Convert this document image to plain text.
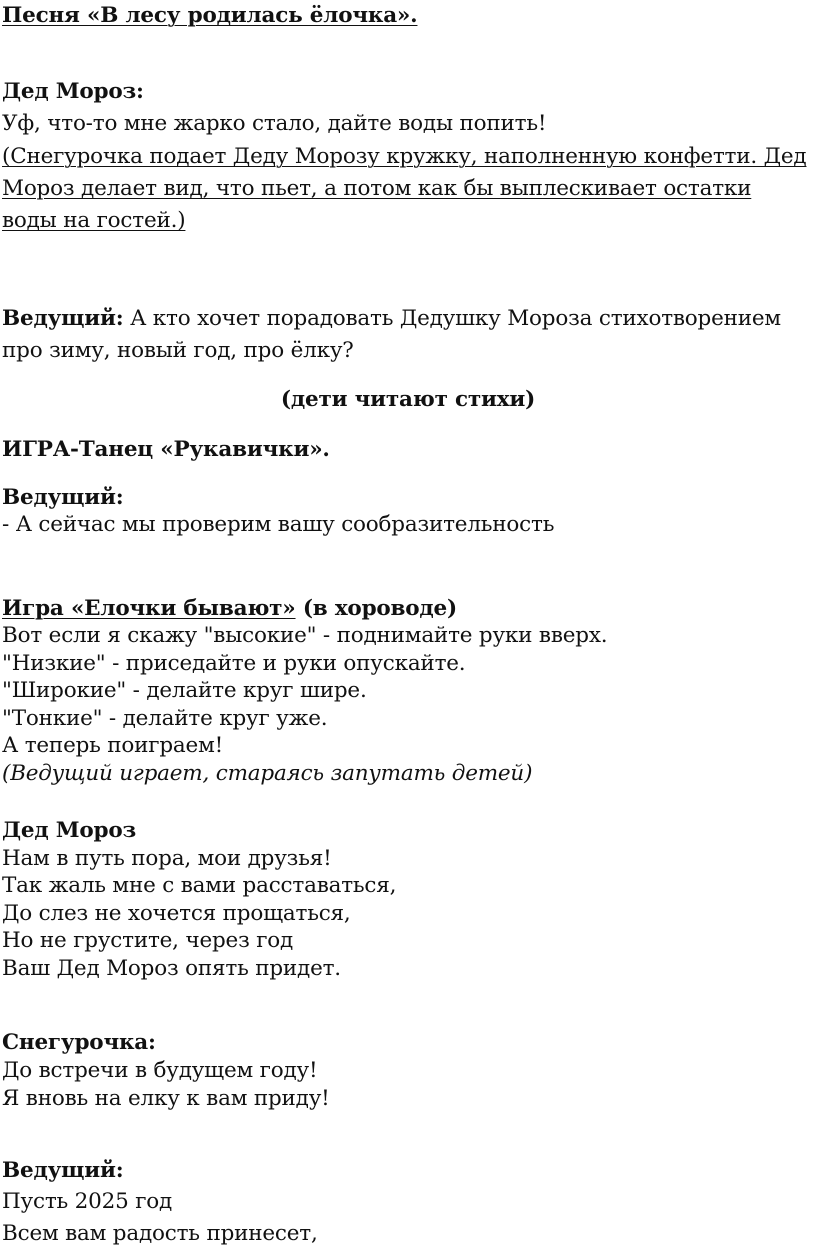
Песня «В лесу родилась ёлочка».
Дед Мороз:
Уф, что-то мне жарко стало, дайте воды попить!
(Снегурочка подает Деду Морозу кружку, наполненную конфетти. Дед
Мороз делает вид, что пьет, а потом как бы выплескивает остатки
воды на гостей.)
Ведущий: А кто хочет порадовать Дедушку Мороза стихотворением
про зиму, новый год, про ёлку?
(дети читают стихи)
ИГРА-Танец «Рукавички».
Ведущий:
- А сейчас мы проверим вашу сообразительность
Игра «Елочки бывают» (в хороводе)
Вот если я скажу "высокие" - поднимайте руки вверх.
"Низкие" - приседайте и руки опускайте.
"Широкие" - делайте круг шире.
"Тонкие" - делайте круг уже.
А теперь поиграем!
(Ведущий играет, стараясь запутать детей)
Дед Мороз
Нам в путь пора, мои друзья!
Так жаль мне с вами расставаться,
До слез не хочется прощаться,
Но не грустите, через год
Ваш Дед Мороз опять придет.
Снегурочка:
До встречи в будущем году!
Я вновь на елку к вам приду!
Ведущий:
Пусть 2025 год
Всем вам радость принесет,
